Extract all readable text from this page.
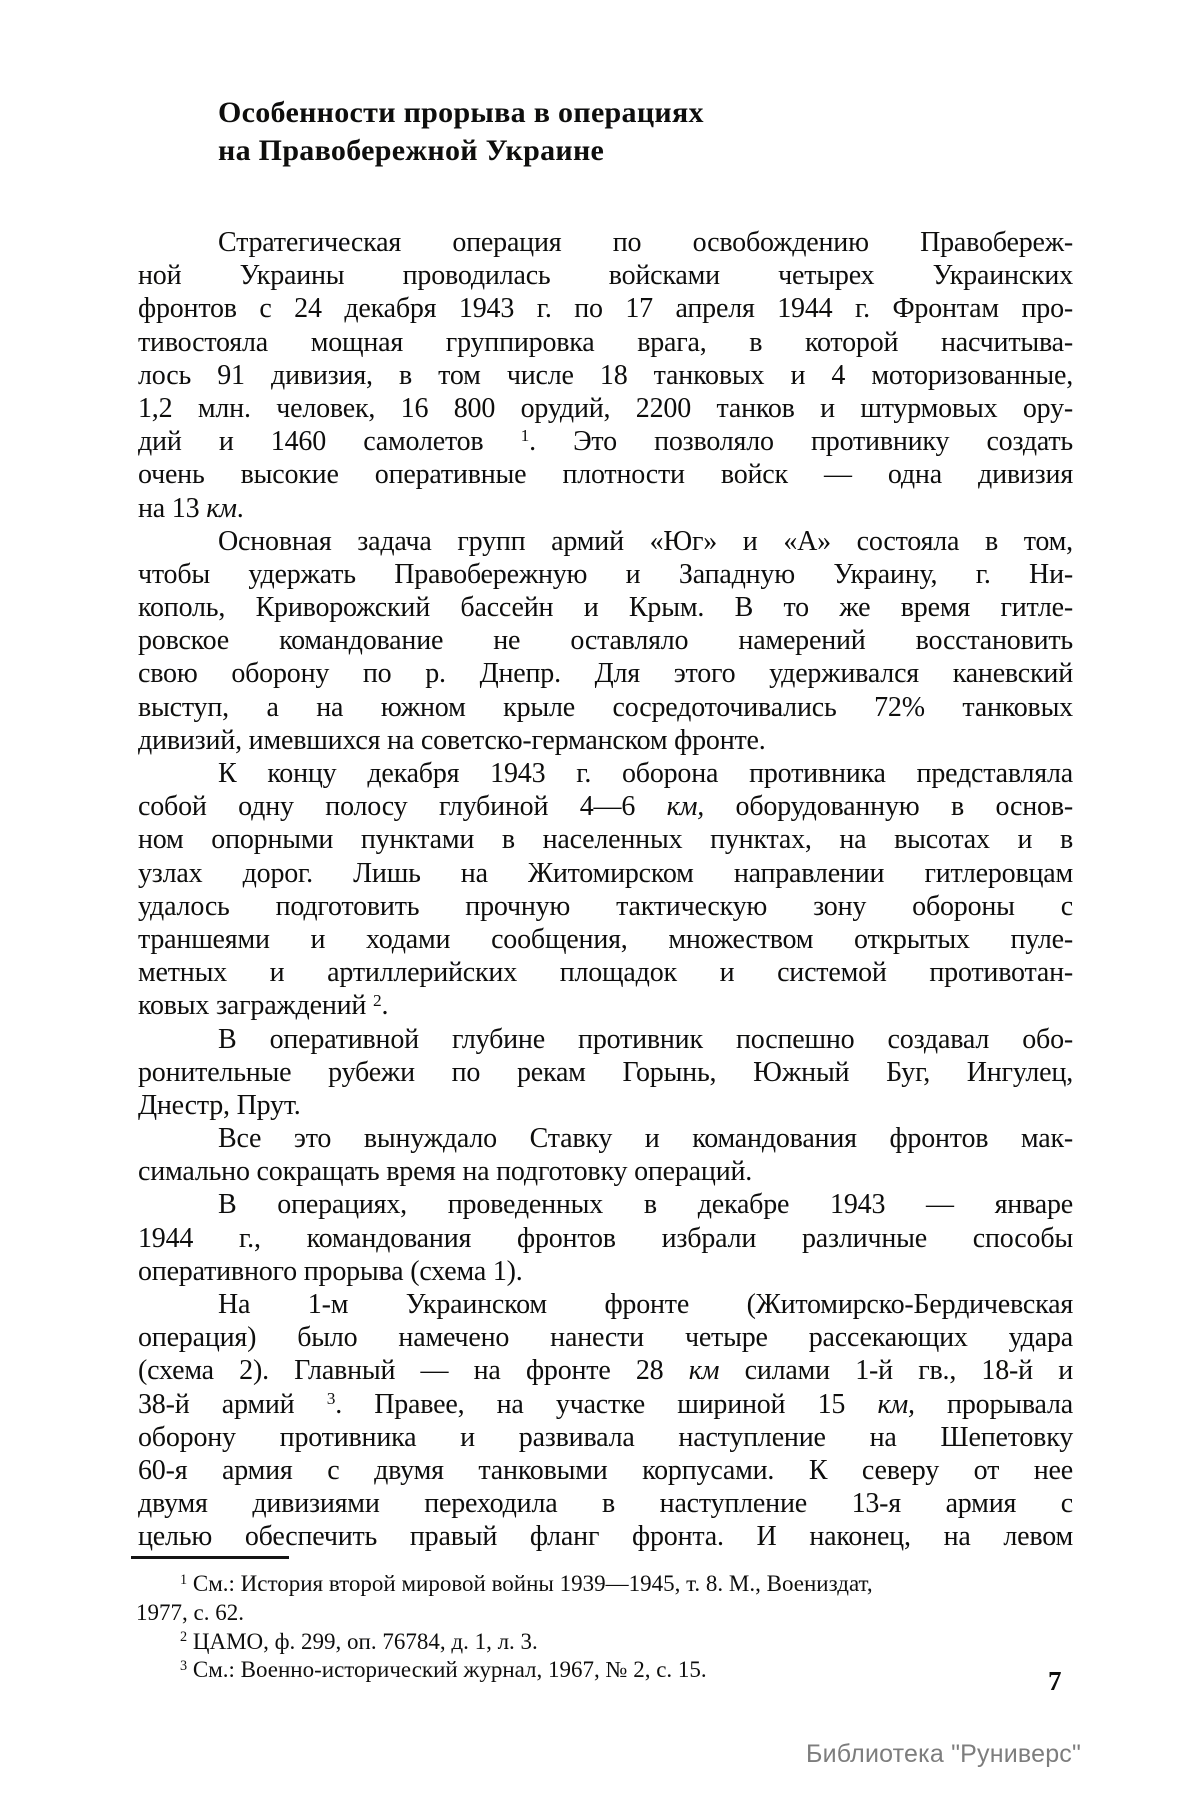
Особенности прорыва в операциях
на Правобережной Украине
Стратегическая операция по освобождению Правобереж-
ной Украины проводилась войсками четырех Украинских
фронтов с 24 декабря 1943 г. по 17 апреля 1944 г. Фронтам про-
тивостояла мощная группировка врага, в которой насчитыва-
лось 91 дивизия, в том числе 18 танковых и 4 моторизованные,
1,2 млн. человек, 16 800 орудий, 2200 танков и штурмовых ору-
дий и 1460 самолетов $^1$. Это позволяло противнику создать
очень высокие оперативные плотности войск — одна дивизия
на 13 км.
Основная задача групп армий «Юг» и «А» состояла в том,
чтобы удержать Правобережную и Западную Украину, г. Ни-
кополь, Криворожский бассейн и Крым. В то же время гитле-
ровское командование не оставляло намерений восстановить
свою оборону по р. Днепр. Для этого удерживался каневский
выступ, а на южном крыле сосредоточивались 72% танковых
дивизий, имевшихся на советско-германском фронте.
К концу декабря 1943 г. оборона противника представляла
собой одну полосу глубиной 4—6 км, оборудованную в основ-
ном опорными пунктами в населенных пунктах, на высотах и в
узлах дорог. Лишь на Житомирском направлении гитлеровцам
удалось подготовить прочную тактическую зону обороны с
траншеями и ходами сообщения, множеством открытых пуле-
метных и артиллерийских площадок и системой противотан-
ковых заграждений $^2$.
В оперативной глубине противник поспешно создавал обо-
ронительные рубежи по рекам Горынь, Южный Буг, Ингулец,
Днестр, Прут.
Все это вынуждало Ставку и командования фронтов мак-
симально сокращать время на подготовку операций.
В операциях, проведенных в декабре 1943 — январе
1944 г., командования фронтов избрали различные способы
оперативного прорыва (схема 1).
На 1-м Украинском фронте (Житомирско-Бердичевская
операция) было намечено нанести четыре рассекающих удара
(схема 2). Главный — на фронте 28 км силами 1-й гв., 18-й и
38-й армий $^3$. Правее, на участке шириной 15 км, прорывала
оборону противника и развивала наступление на Шепетовку
60-я армия с двумя танковыми корпусами. К северу от нее
двумя дивизиями переходила в наступление 13-я армия с
целью обеспечить правый фланг фронта. И наконец, на левом
$^1$ См.: История второй мировой войны 1939—1945, т. 8. М., Воениздат,
1977, с. 62.
$^2$ ЦАМО, ф. 299, оп. 76784, д. 1, л. 3.
$^3$ См.: Военно-исторический журнал, 1967, № 2, с. 15.	7
Библиотека "Руниверс"
